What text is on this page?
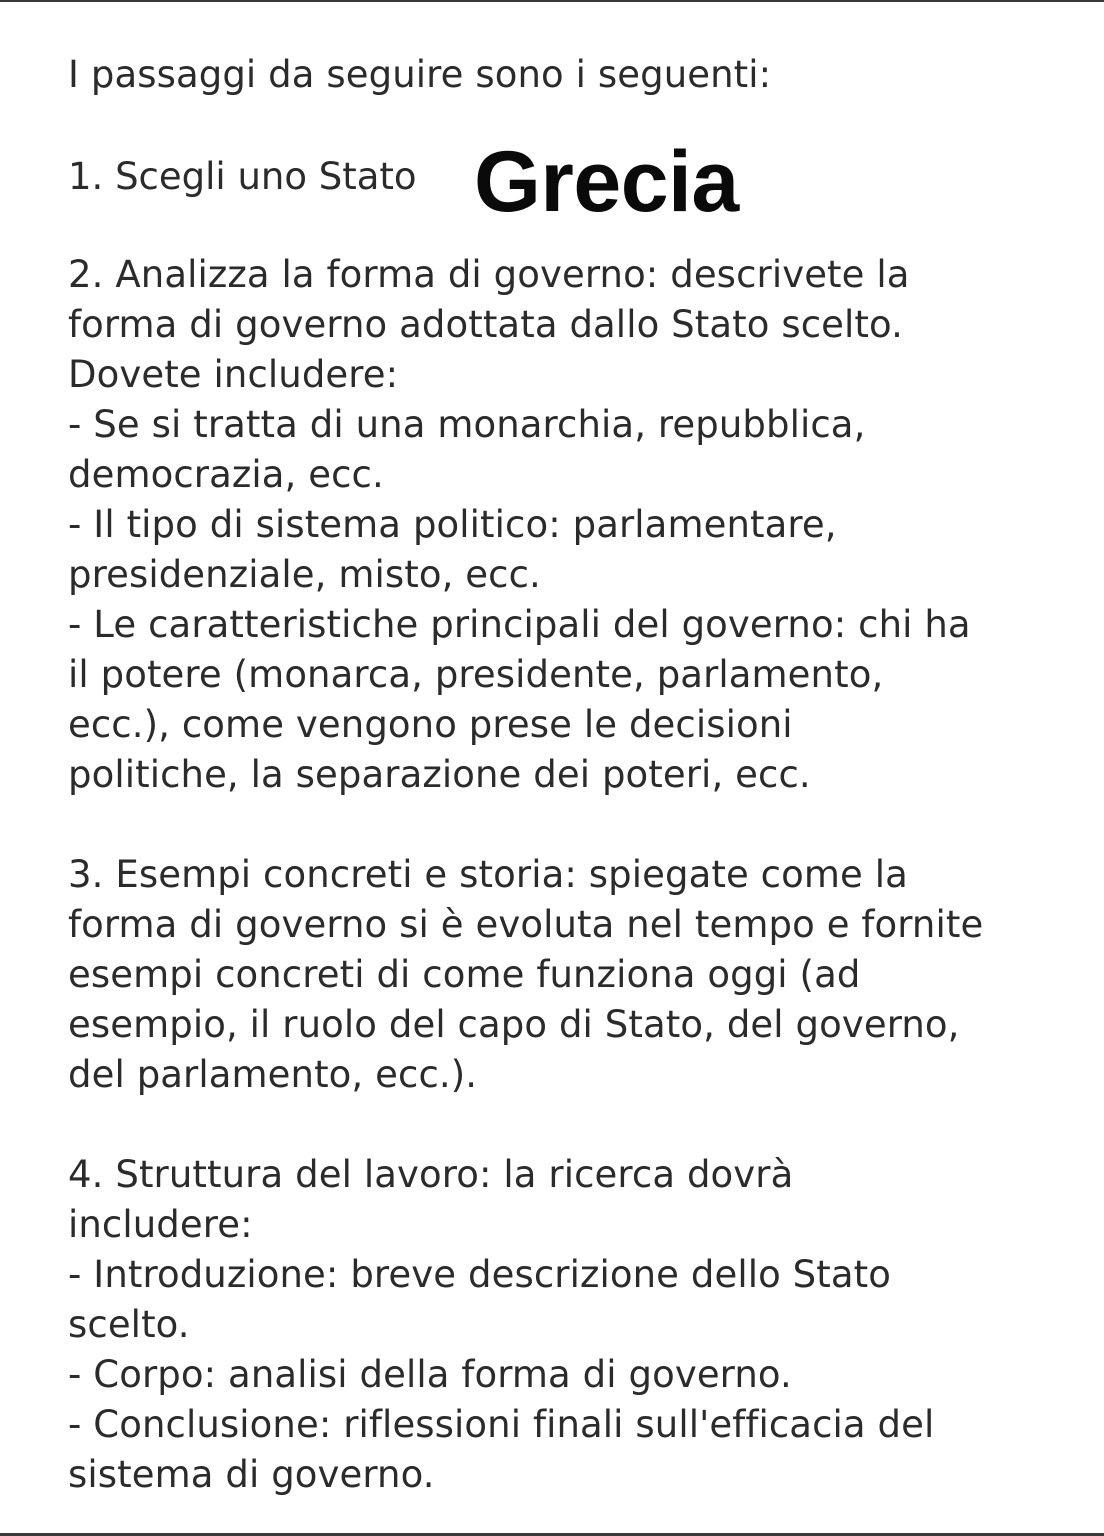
I passaggi da seguire sono i seguenti:
1. Scegli uno Stato Grecia
2. Analizza la forma di governo: descrivete la
forma di governo adottata dallo Stato scelto.
Dovete includere:
- Se si tratta di una monarchia, repubblica,
democrazia, ecc.
- Il tipo di sistema politico: parlamentare,
presidenziale, misto, ecc.
- Le caratteristiche principali del governo: chi ha
il potere (monarca, presidente, parlamento,
ecc.), come vengono prese le decisioni
politiche, la separazione dei poteri, ecc.
3. Esempi concreti e storia: spiegate come la
forma di governo si è evoluta nel tempo e fornite
esempi concreti di come funziona oggi (ad
esempio, il ruolo del capo di Stato, del governo,
del parlamento, ecc.).
4. Struttura del lavoro: la ricerca dovrà
includere:
- Introduzione: breve descrizione dello Stato
scelto.
- Corpo: analisi della forma di governo.
- Conclusione: riflessioni finali sull'efficacia del
sistema di governo.
